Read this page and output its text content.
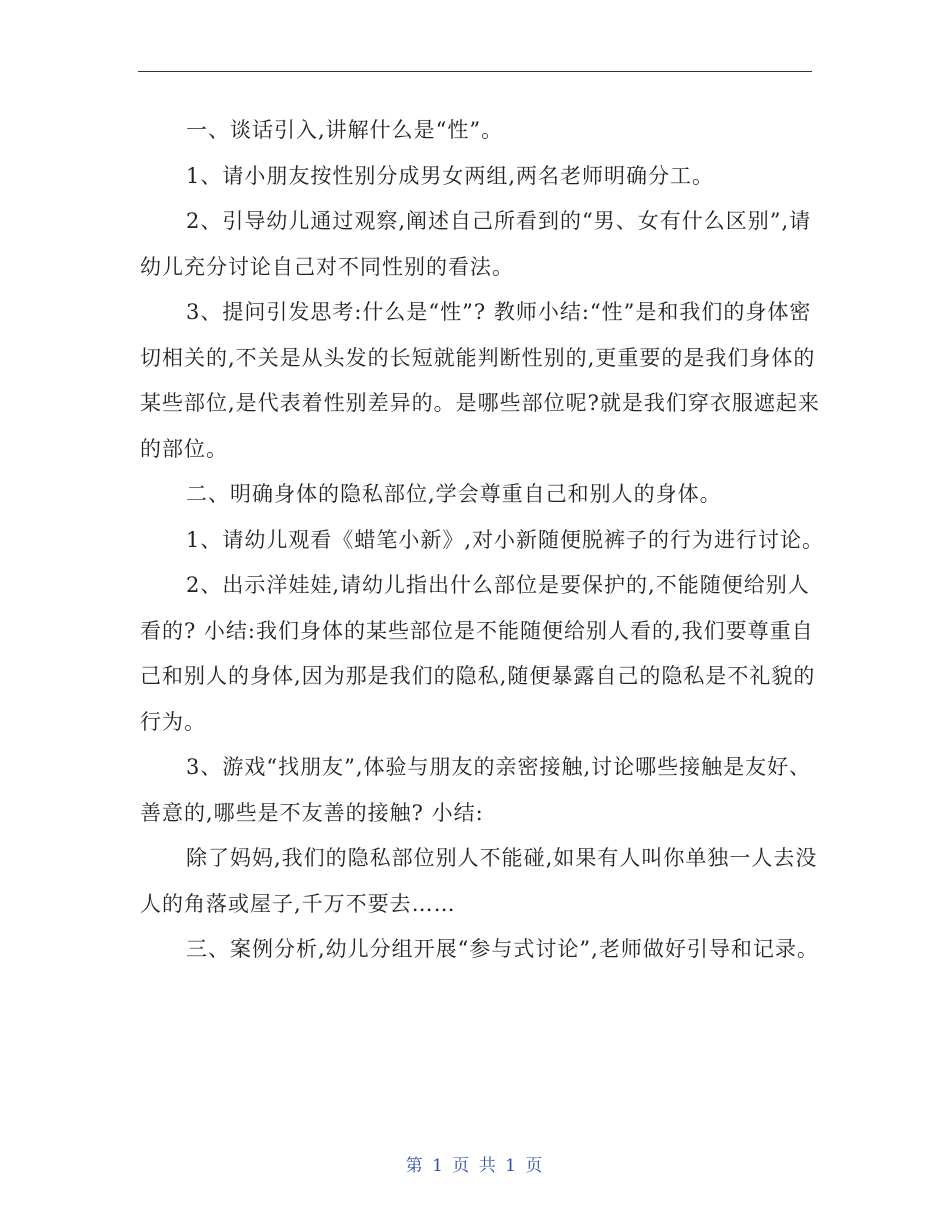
一、谈话引入,讲解什么是“性”。

1、请小朋友按性别分成男女两组,两名老师明确分工。

2、引导幼儿通过观察,阐述自己所看到的“男、女有什么区别”,请幼儿充分讨论自己对不同性别的看法。

3、提问引发思考:什么是“性”? 教师小结:“性”是和我们的身体密切相关的,不关是从头发的长短就能判断性别的,更重要的是我们身体的某些部位,是代表着性别差异的。是哪些部位呢?就是我们穿衣服遮起来的部位。

二、明确身体的隐私部位,学会尊重自己和别人的身体。

1、请幼儿观看《蜡笔小新》,对小新随便脱裤子的行为进行讨论。

2、出示洋娃娃,请幼儿指出什么部位是要保护的,不能随便给别人看的? 小结:我们身体的某些部位是不能随便给别人看的,我们要尊重自己和别人的身体,因为那是我们的隐私,随便暴露自己的隐私是不礼貌的行为。

3、游戏“找朋友”,体验与朋友的亲密接触,讨论哪些接触是友好、善意的,哪些是不友善的接触? 小结:

除了妈妈,我们的隐私部位别人不能碰,如果有人叫你单独一人去没人的角落或屋子,千万不要去……

三、案例分析,幼儿分组开展“参与式讨论”,老师做好引导和记录。

第 1 页 共 1 页
